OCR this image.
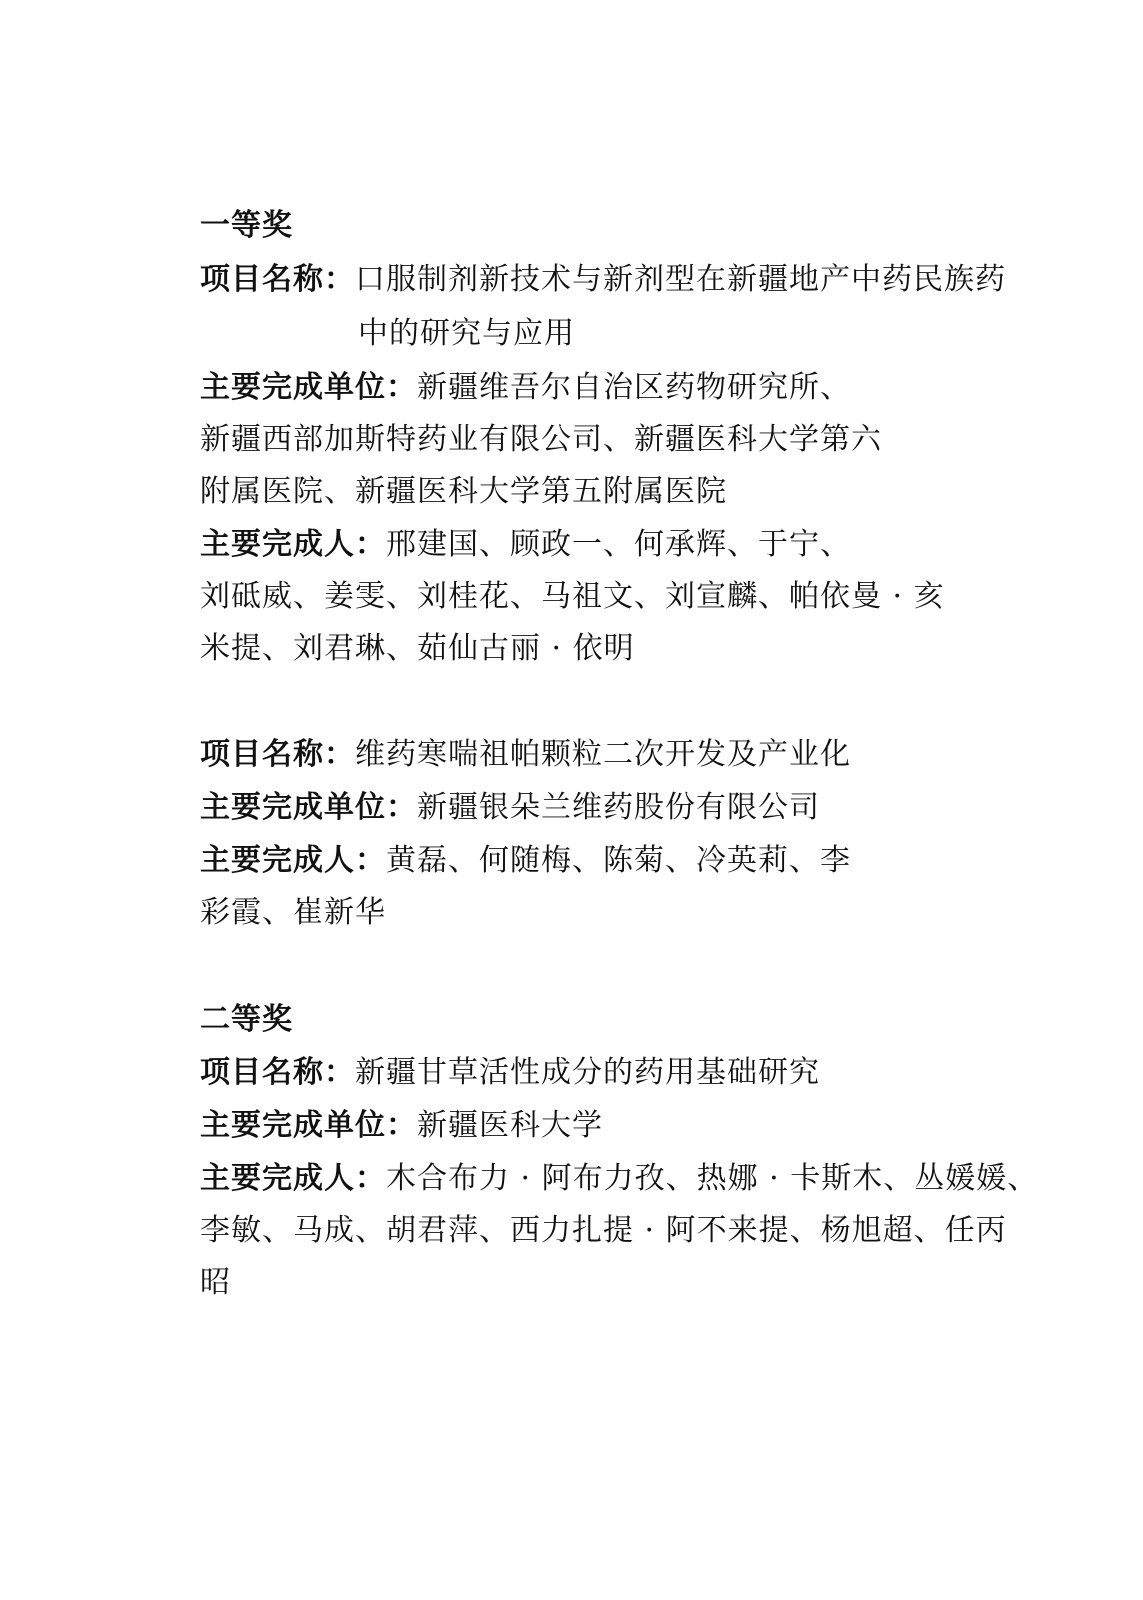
一等奖
项目名称：口服制剂新技术与新剂型在新疆地产中药民族药
中的研究与应用
主要完成单位：新疆维吾尔自治区药物研究所、
新疆西部加斯特药业有限公司、新疆医科大学第六
附属医院、新疆医科大学第五附属医院
主要完成人：邢建国、顾政一、何承辉、于宁、
刘砥威、姜雯、刘桂花、马祖文、刘宣麟、帕依曼 · 亥
米提、刘君琳、茹仙古丽 · 依明
项目名称：维药寒喘祖帕颗粒二次开发及产业化
主要完成单位：新疆银朵兰维药股份有限公司
主要完成人：黄磊、何随梅、陈菊、冷英莉、李
彩霞、崔新华
二等奖
项目名称：新疆甘草活性成分的药用基础研究
主要完成单位：新疆医科大学
主要完成人：木合布力 · 阿布力孜、热娜 · 卡斯木、丛媛媛、
李敏、马成、胡君萍、西力扎提 · 阿不来提、杨旭超、任丙
昭
